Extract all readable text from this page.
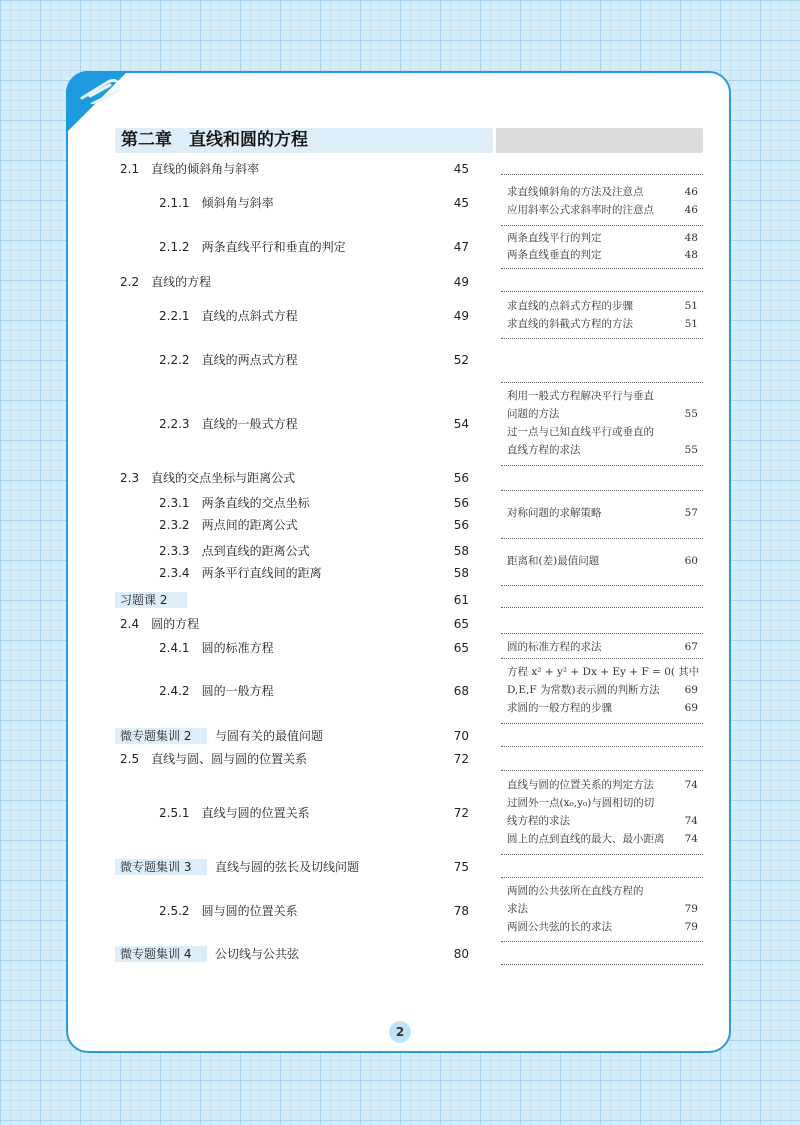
第二章　直线和圆的方程
2.1　 直线的倾斜角与斜率	45
2.1.1　 倾斜角与斜率	45
2.1.2　 两条直线平行和垂直的判定	47
2.2　 直线的方程	49
2.2.1　 直线的点斜式方程	49
2.2.2　 直线的两点式方程	52
2.2.3　 直线的一般式方程	54
2.3　 直线的交点坐标与距离公式	56
2.3.1　 两条直线的交点坐标	56
2.3.2　 两点间的距离公式	56
2.3.3　 点到直线的距离公式	58
2.3.4　 两条平行直线间的距离	58
习题课 2	61
2.4　 圆的方程	65
2.4.1　 圆的标准方程	65
2.4.2　 圆的一般方程	68
微专题集训 2 与圆有关的最值问题	70
2.5　 直线与圆、圆与圆的位置关系	72
2.5.1　 直线与圆的位置关系	72
微专题集训 3 直线与圆的弦长及切线问题	75
2.5.2　 圆与圆的位置关系	78
微专题集训 4 公切线与公共弦	80
求直线倾斜角的方法及注意点	46
应用斜率公式求斜率时的注意点	46
两条直线平行的判定	48
两条直线垂直的判定	48
求直线的点斜式方程的步骤	51
求直线的斜截式方程的方法	51
利用一般式方程解决平行与垂直
问题的方法	55
过一点与已知直线平行或垂直的
直线方程的求法	55
对称问题的求解策略	57
距离和(差)最值问题	60
圆的标准方程的求法	67
方程 x² + y² + Dx + Ey + F = 0( 其中
D,E,F 为常数)表示圆的判断方法 69
求圆的一般方程的步骤	69
直线与圆的位置关系的判定方法	74
过圆外一点(x₀,y₀)与圆相切的切
线方程的求法	74
圆上的点到直线的最大、最小距离 74
两圆的公共弦所在直线方程的
求法	79
两圆公共弦的长的求法	79
2
